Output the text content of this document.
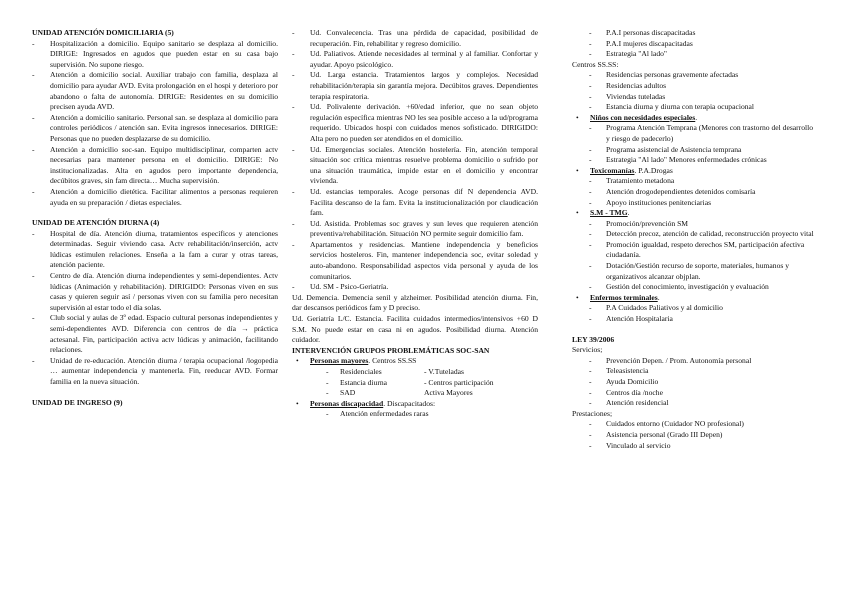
UNIDAD ATENCIÓN DOMICILIARIA (5)

- Hospitalización a domicilio. Equipo sanitario se desplaza al domicilio. DIRIGE: Ingresados en agudos que pueden estar en su casa bajo supervisión. No supone riesgo.
- Atención a domicilio social. Auxiliar trabajo con familia, desplaza al domicilio para ayudar AVD. Evita prolongación en el hospi y deterioro por abandono o falta de autonomía. DIRIGE: Residentes en su domicilio precisen ayuda AVD.
- Atención a domicilio sanitario. Personal san. se desplaza al domicilio para controles periódicos / atención san. Evita ingresos innecesarios. DIRIGE: Personas que no pueden desplazarse de su domicilio.
- Atención a domicilio soc-san. Equipo multidisciplinar, comparten actv necesarias para mantener persona en el domicilio. DIRIGE: No institucionalizadas. Alta en agudos pero importante dependencia, decúbitos graves, sin fam directa… Mucha supervisión.
- Atención a domicilio dietética. Facilitar alimentos a personas requieren ayuda en su preparación / dietas especiales.

UNIDAD DE ATENCIÓN DIURNA (4)

- Hospital de día. Atención diurna, tratamientos específicos y atenciones determinadas. Seguir viviendo casa. Actv rehabilitación/inserción, actv lúdicas estimulen relaciones. Enseña a la fam a curar y otras tareas, atención paciente.
- Centro de día. Atención diurna independientes y semi-dependientes. Actv lúdicas (Animación y rehabilitación). DIRIGIDO: Personas viven en sus casas y quieren seguir así / personas viven con su familia pero necesitan supervisión al estar todo el día solas.
- Club social y aulas de 3º edad. Espacio cultural personas independientes y semi-dependientes AVD. Diferencia con centros de día → práctica actesanal. Fin, participación activa actv lúdicas y animación, facilitando relaciones.
- Unidad de re-educación. Atención diurna / terapia ocupacional /logopedia … aumentar independencia y mantenerla. Fin, reeducar AVD. Formar familia en la nueva situación.

UNIDAD DE INGRESO (9)

- Ud. Convalecencia. Tras una pérdida de capacidad, posibilidad de recuperación. Fin, rehabilitar y regreso domicilio.
- Ud. Paliativos. Atiende necesidades al terminal y al familiar. Confortar y ayudar. Apoyo psicológico.
- Ud. Larga estancia. Tratamientos largos y complejos. Necesidad rehabilitación/terapia sin garantía mejora. Decúbitos graves. Dependientes terapia respiratoria.
- Ud. Polivalente derivación. +60/edad inferior, que no sean objeto regulación específica mientras NO les sea posible acceso a la ud/programa requerido. Ubicados hospi con cuidados menos sofisticado. DIRIGIDO: Alta pero no pueden ser atendidos en el domicilio.
- Ud. Emergencias sociales. Atención hostelería. Fin, atención temporal situación soc crítica mientras resuelve problema domicilio o sufrido por una situación traumática, impide estar en el domicilio y encontrar vivienda.
- Ud. estancias temporales. Acoge personas dif N dependencia AVD. Facilita descanso de la fam. Evita la institucionalización por claudicación fam.
- Ud. Asistida. Problemas soc graves y sun leves que requieren atención preventiva/rehabilitación. Situación NO permite seguir domicilio fam.
- Apartamentos y residencias. Mantiene independencia y beneficios servicios hosteleros. Fin, mantener independencia soc, evitar soledad y auto-abandono. Responsabilidad aspectos vida personal y ayuda de los comunitarios.
- Ud. SM - Psico-Geriatría.

Ud. Demencia. Demencia senil y alzheimer. Posibilidad atención diurna. Fin, dar descansos periódicos fam y D preciso.

Ud. Geriatría L/C. Estancia. Facilita cuidados intermedios/intensivos +60 D S.M. No puede estar en casa ni en agudos. Posibilidad diurna. Atención cuidador.

INTERVENCIÓN GRUPOS PROBLEMÁTICAS SOC-SAN

• Personas mayores. Centros SS.SS
- Residenciales	- V.Tuteladas
- Estancia diurna	- Centros participación
- SAD	Activa Mayores
• Personas discapacidad. Discapacitados:
- Atención enfermedades raras
- P.A.I personas discapacitadas
- P.A.I mujeres discapacitadas
- Estrategia "Al lado"

Centros SS.SS:

- Residencias personas gravemente afectadas
- Residencias adultos
- Viviendas tuteladas
- Estancia diurna y diurna con terapia ocupacional
• Niños con necesidades especiales.
- Programa Atención Temprana (Menores con trastorno del desarrollo y riesgo de padecerlo)
- Programa asistencial de Asistencia temprana
- Estrategia "Al lado" Menores enfermedades crónicas
• Toxicomanías. P.A.Drogas
- Tratamiento metadona
- Atención drogodependientes detenidos comisaría
- Apoyo instituciones penitenciarias
• S.M - TMG.
- Promoción/prevención SM
- Detección precoz, atención de calidad, reconstrucción proyecto vital
- Promoción igualdad, respeto derechos SM, participación afectiva ciudadanía.
- Dotación/Gestión recurso de soporte, materiales, humanos y organizativos alcanzar objplan.
- Gestión del conocimiento, investigación y evaluación
• Enfermos terminales.
- P.A Cuidados Paliativos y al domicilio
- Atención Hospitalaria

LEY 39/2006

Servicios;

- Prevención Depen. / Prom. Autonomía personal
- Teleasistencia
- Ayuda Domicilio
- Centros día /noche
- Atención residencial

Prestaciones;

- Cuidados entorno (Cuidador NO profesional)
- Asistencia personal (Grado III Depen)
- Vinculado al servicio
